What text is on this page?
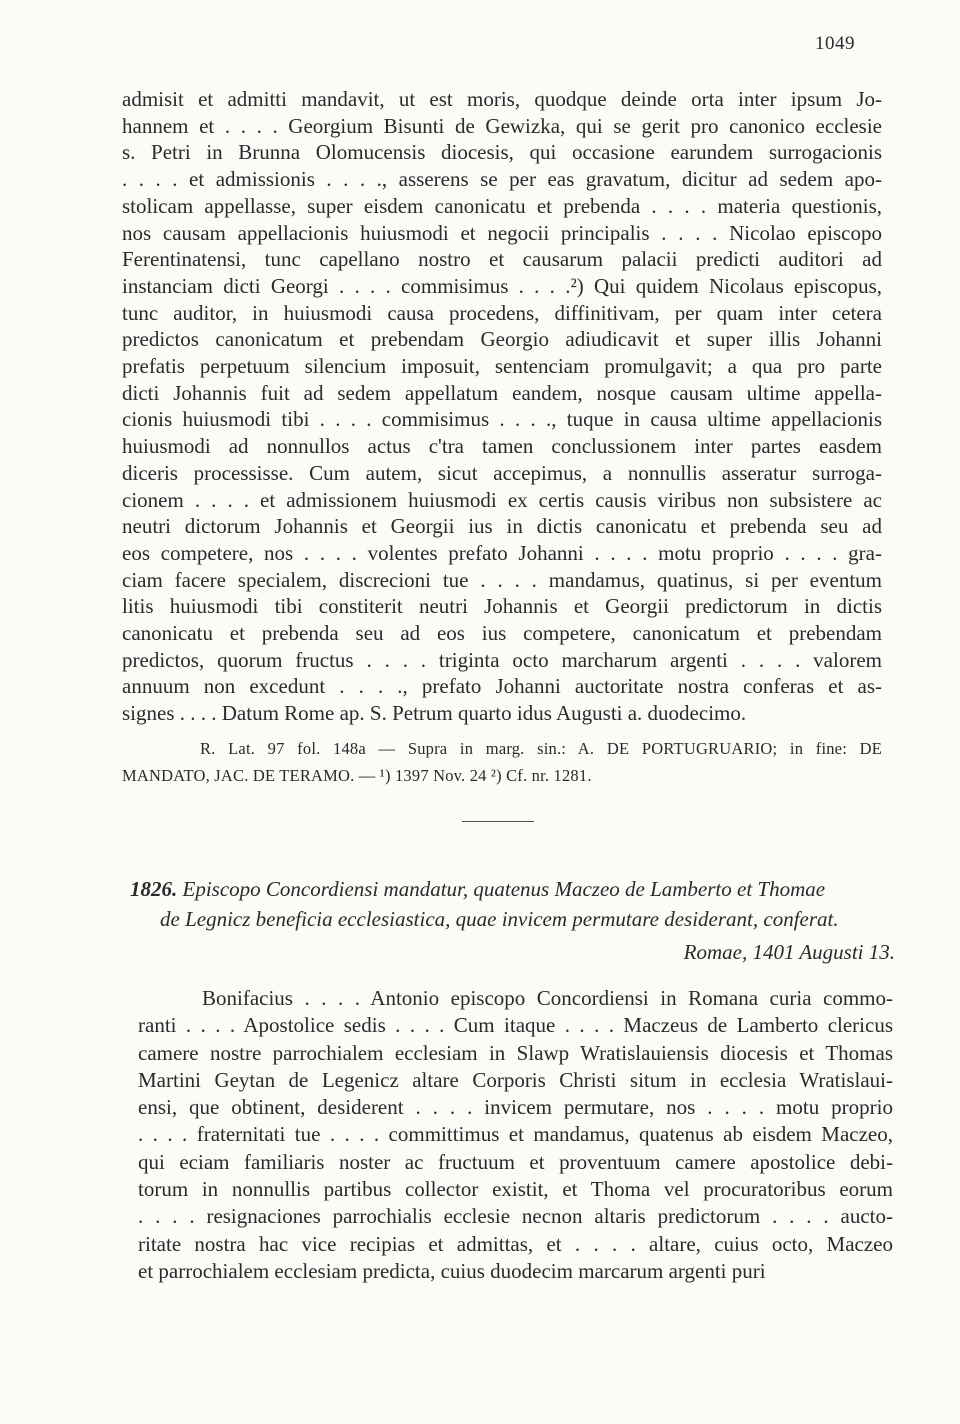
1049
admisit et admitti mandavit, ut est moris, quodque deinde orta inter ipsum Jo-
hannem et . . . . Georgium Bisunti de Gewizka, qui se gerit pro canonico ecclesie
s. Petri in Brunna Olomucensis diocesis, qui occasione earundem surrogacionis
. . . . et admissionis . . . ., asserens se per eas gravatum, dicitur ad sedem apo-
stolicam appellasse, super eisdem canonicatu et prebenda . . . . materia questionis,
nos causam appellacionis huiusmodi et negocii principalis . . . . Nicolao episcopo
Ferentinatensi, tunc capellano nostro et causarum palacii predicti auditori ad
instanciam dicti Georgi . . . . commisimus . . . .²) Qui quidem Nicolaus episcopus,
tunc auditor, in huiusmodi causa procedens, diffinitivam, per quam inter cetera
predictos canonicatum et prebendam Georgio adiudicavit et super illis Johanni
prefatis perpetuum silencium imposuit, sentenciam promulgavit; a qua pro parte
dicti Johannis fuit ad sedem appellatum eandem, nosque causam ultime appella-
cionis huiusmodi tibi . . . . commisimus . . . ., tuque in causa ultime appellacionis
huiusmodi ad nonnullos actus c'tra tamen conclussionem inter partes easdem
diceris processisse. Cum autem, sicut accepimus, a nonnullis asseratur surroga-
cionem . . . . et admissionem huiusmodi ex certis causis viribus non subsistere ac
neutri dictorum Johannis et Georgii ius in dictis canonicatu et prebenda seu ad
eos competere, nos . . . . volentes prefato Johanni . . . . motu proprio . . . . gra-
ciam facere specialem, discrecioni tue . . . . mandamus, quatinus, si per eventum
litis huiusmodi tibi constiterit neutri Johannis et Georgii predictorum in dictis
canonicatu et prebenda seu ad eos ius competere, canonicatum et prebendam
predictos, quorum fructus . . . . triginta octo marcharum argenti . . . . valorem
annuum non excedunt . . . ., prefato Johanni auctoritate nostra conferas et as-
signes . . . . Datum Rome ap. S. Petrum quarto idus Augusti a. duodecimo.
R. Lat. 97 fol. 148a — Supra in marg. sin.: A. DE PORTUGRUARIO; in fine: DE
MANDATO, JAC. DE TERAMO. — ¹) 1397 Nov. 24 ²) Cf. nr. 1281.
1826. Episcopo Concordiensi mandatur, quatenus Maczeo de Lamberto et Thomae
de Legnicz beneficia ecclesiastica, quae invicem permutare desiderant, conferat.
Romae, 1401 Augusti 13.
Bonifacius . . . . Antonio episcopo Concordiensi in Romana curia commo-
ranti . . . . Apostolice sedis . . . . Cum itaque . . . . Maczeus de Lamberto clericus
camere nostre parrochialem ecclesiam in Slawp Wratislauiensis diocesis et Thomas
Martini Geytan de Legenicz altare Corporis Christi situm in ecclesia Wratislaui-
ensi, que obtinent, desiderent . . . . invicem permutare, nos . . . . motu proprio
. . . . fraternitati tue . . . . committimus et mandamus, quatenus ab eisdem Maczeo,
qui eciam familiaris noster ac fructuum et proventuum camere apostolice debi-
torum in nonnullis partibus collector existit, et Thoma vel procuratoribus eorum
. . . . resignaciones parrochialis ecclesie necnon altaris predictorum . . . . aucto-
ritate nostra hac vice recipias et admittas, et . . . . altare, cuius octo, Maczeo
et parrochialem ecclesiam predicta, cuius duodecim marcarum argenti puri
